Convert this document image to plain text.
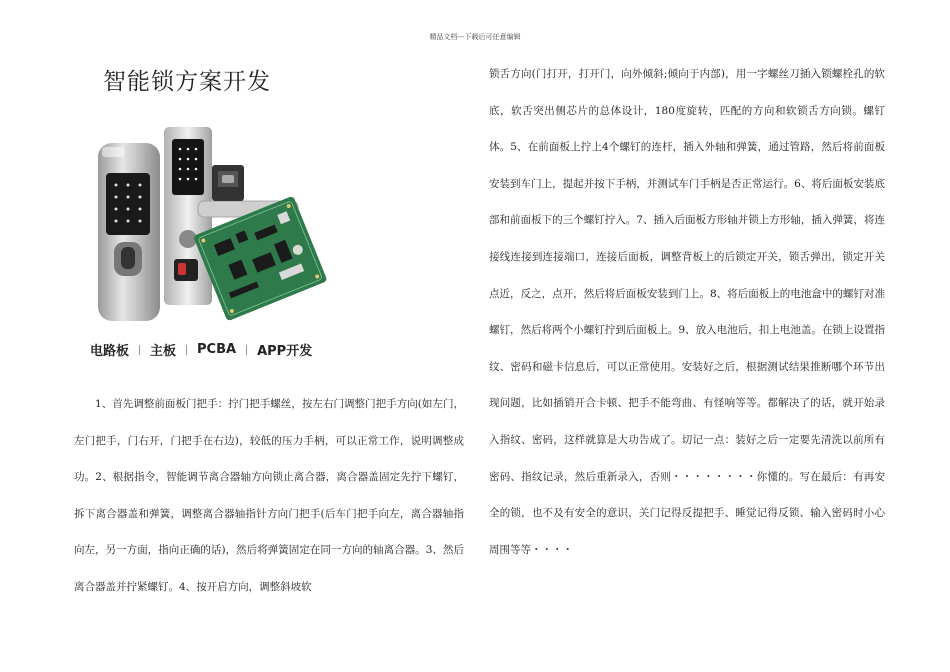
精品文档---下载后可任意编辑
智能锁方案开发
电路板 主板 PCBA APP开发

1、首先调整前面板门把手：拧门把手螺丝，按左右门调整门把手方向(如左门，左门把手，门右开，门把手在右边)，较低的压力手柄，可以正常工作，说明调整成功。2、根据指令，智能调节离合器轴方向锁止离合器，离合器盖固定先拧下螺钉，拆下离合器盖和弹簧，调整离合器轴指针方向门把手(后车门把手向左，离合器轴指向左，另一方面，指向正确的话)，然后将弹簧固定在同一方向的轴离合器。3、然后离合器盖并拧紧螺钉。4、按开启方向，调整斜坡软

锁舌方向(门打开，打开门，向外倾斜;倾向于内部)，用一字螺丝刀插入锁螺栓孔的软底，软舌突出侧芯片的总体设计，180度旋转，匹配的方向和软锁舌方向锁。螺钉体。5、在前面板上拧上4个螺钉的连杆，插入外轴和弹簧，通过管路，然后将前面板安装到车门上，提起并按下手柄，并测试车门手柄是否正常运行。6、将后面板安装底部和前面板下的三个螺钉拧入。7、插入后面板方形轴并锁上方形轴，插入弹簧，将连接线连接到连接端口，连接后面板，调整背板上的后锁定开关，锁舌弹出，锁定开关点近，反之，点开，然后将后面板安装到门上。8、将后面板上的电池盒中的螺钉对准螺钉，然后将两个小螺钉拧到后面板上。9、放入电池后，扣上电池盖。在锁上设置指纹、密码和磁卡信息后，可以正常使用。安装好之后，根据测试结果推断哪个环节出现问题，比如插销开合卡顿、把手不能弯曲、有怪响等等。都解决了的话，就开始录入指纹、密码，这样就算是大功告成了。切记一点：装好之后一定要先清洗以前所有密码、指纹记录，然后重新录入，否则・・・・・・・・你懂的。写在最后：有再安全的锁，也不及有安全的意识，关门记得反提把手、睡觉记得反锁、输入密码时小心周围等等・・・・
